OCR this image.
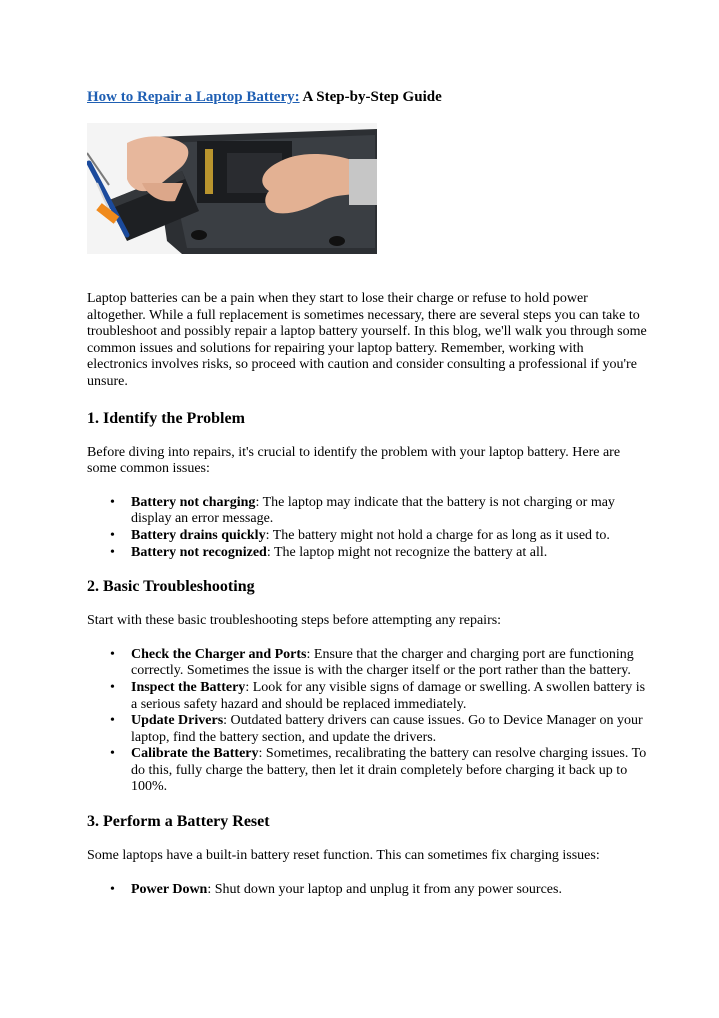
How to Repair a Laptop Battery: A Step-by-Step Guide

Laptop batteries can be a pain when they start to lose their charge or refuse to hold power altogether. While a full replacement is sometimes necessary, there are several steps you can take to troubleshoot and possibly repair a laptop battery yourself. In this blog, we'll walk you through some common issues and solutions for repairing your laptop battery. Remember, working with electronics involves risks, so proceed with caution and consider consulting a professional if you're unsure.

1. Identify the Problem

Before diving into repairs, it's crucial to identify the problem with your laptop battery. Here are some common issues:

• Battery not charging: The laptop may indicate that the battery is not charging or may display an error message.
• Battery drains quickly: The battery might not hold a charge for as long as it used to.
• Battery not recognized: The laptop might not recognize the battery at all.
2. Basic Troubleshooting

Start with these basic troubleshooting steps before attempting any repairs:

• Check the Charger and Ports: Ensure that the charger and charging port are functioning correctly. Sometimes the issue is with the charger itself or the port rather than the battery.
• Inspect the Battery: Look for any visible signs of damage or swelling. A swollen battery is a serious safety hazard and should be replaced immediately.
• Update Drivers: Outdated battery drivers can cause issues. Go to Device Manager on your laptop, find the battery section, and update the drivers.
• Calibrate the Battery: Sometimes, recalibrating the battery can resolve charging issues. To do this, fully charge the battery, then let it drain completely before charging it back up to 100%.
3. Perform a Battery Reset

Some laptops have a built-in battery reset function. This can sometimes fix charging issues:

• Power Down: Shut down your laptop and unplug it from any power sources.
